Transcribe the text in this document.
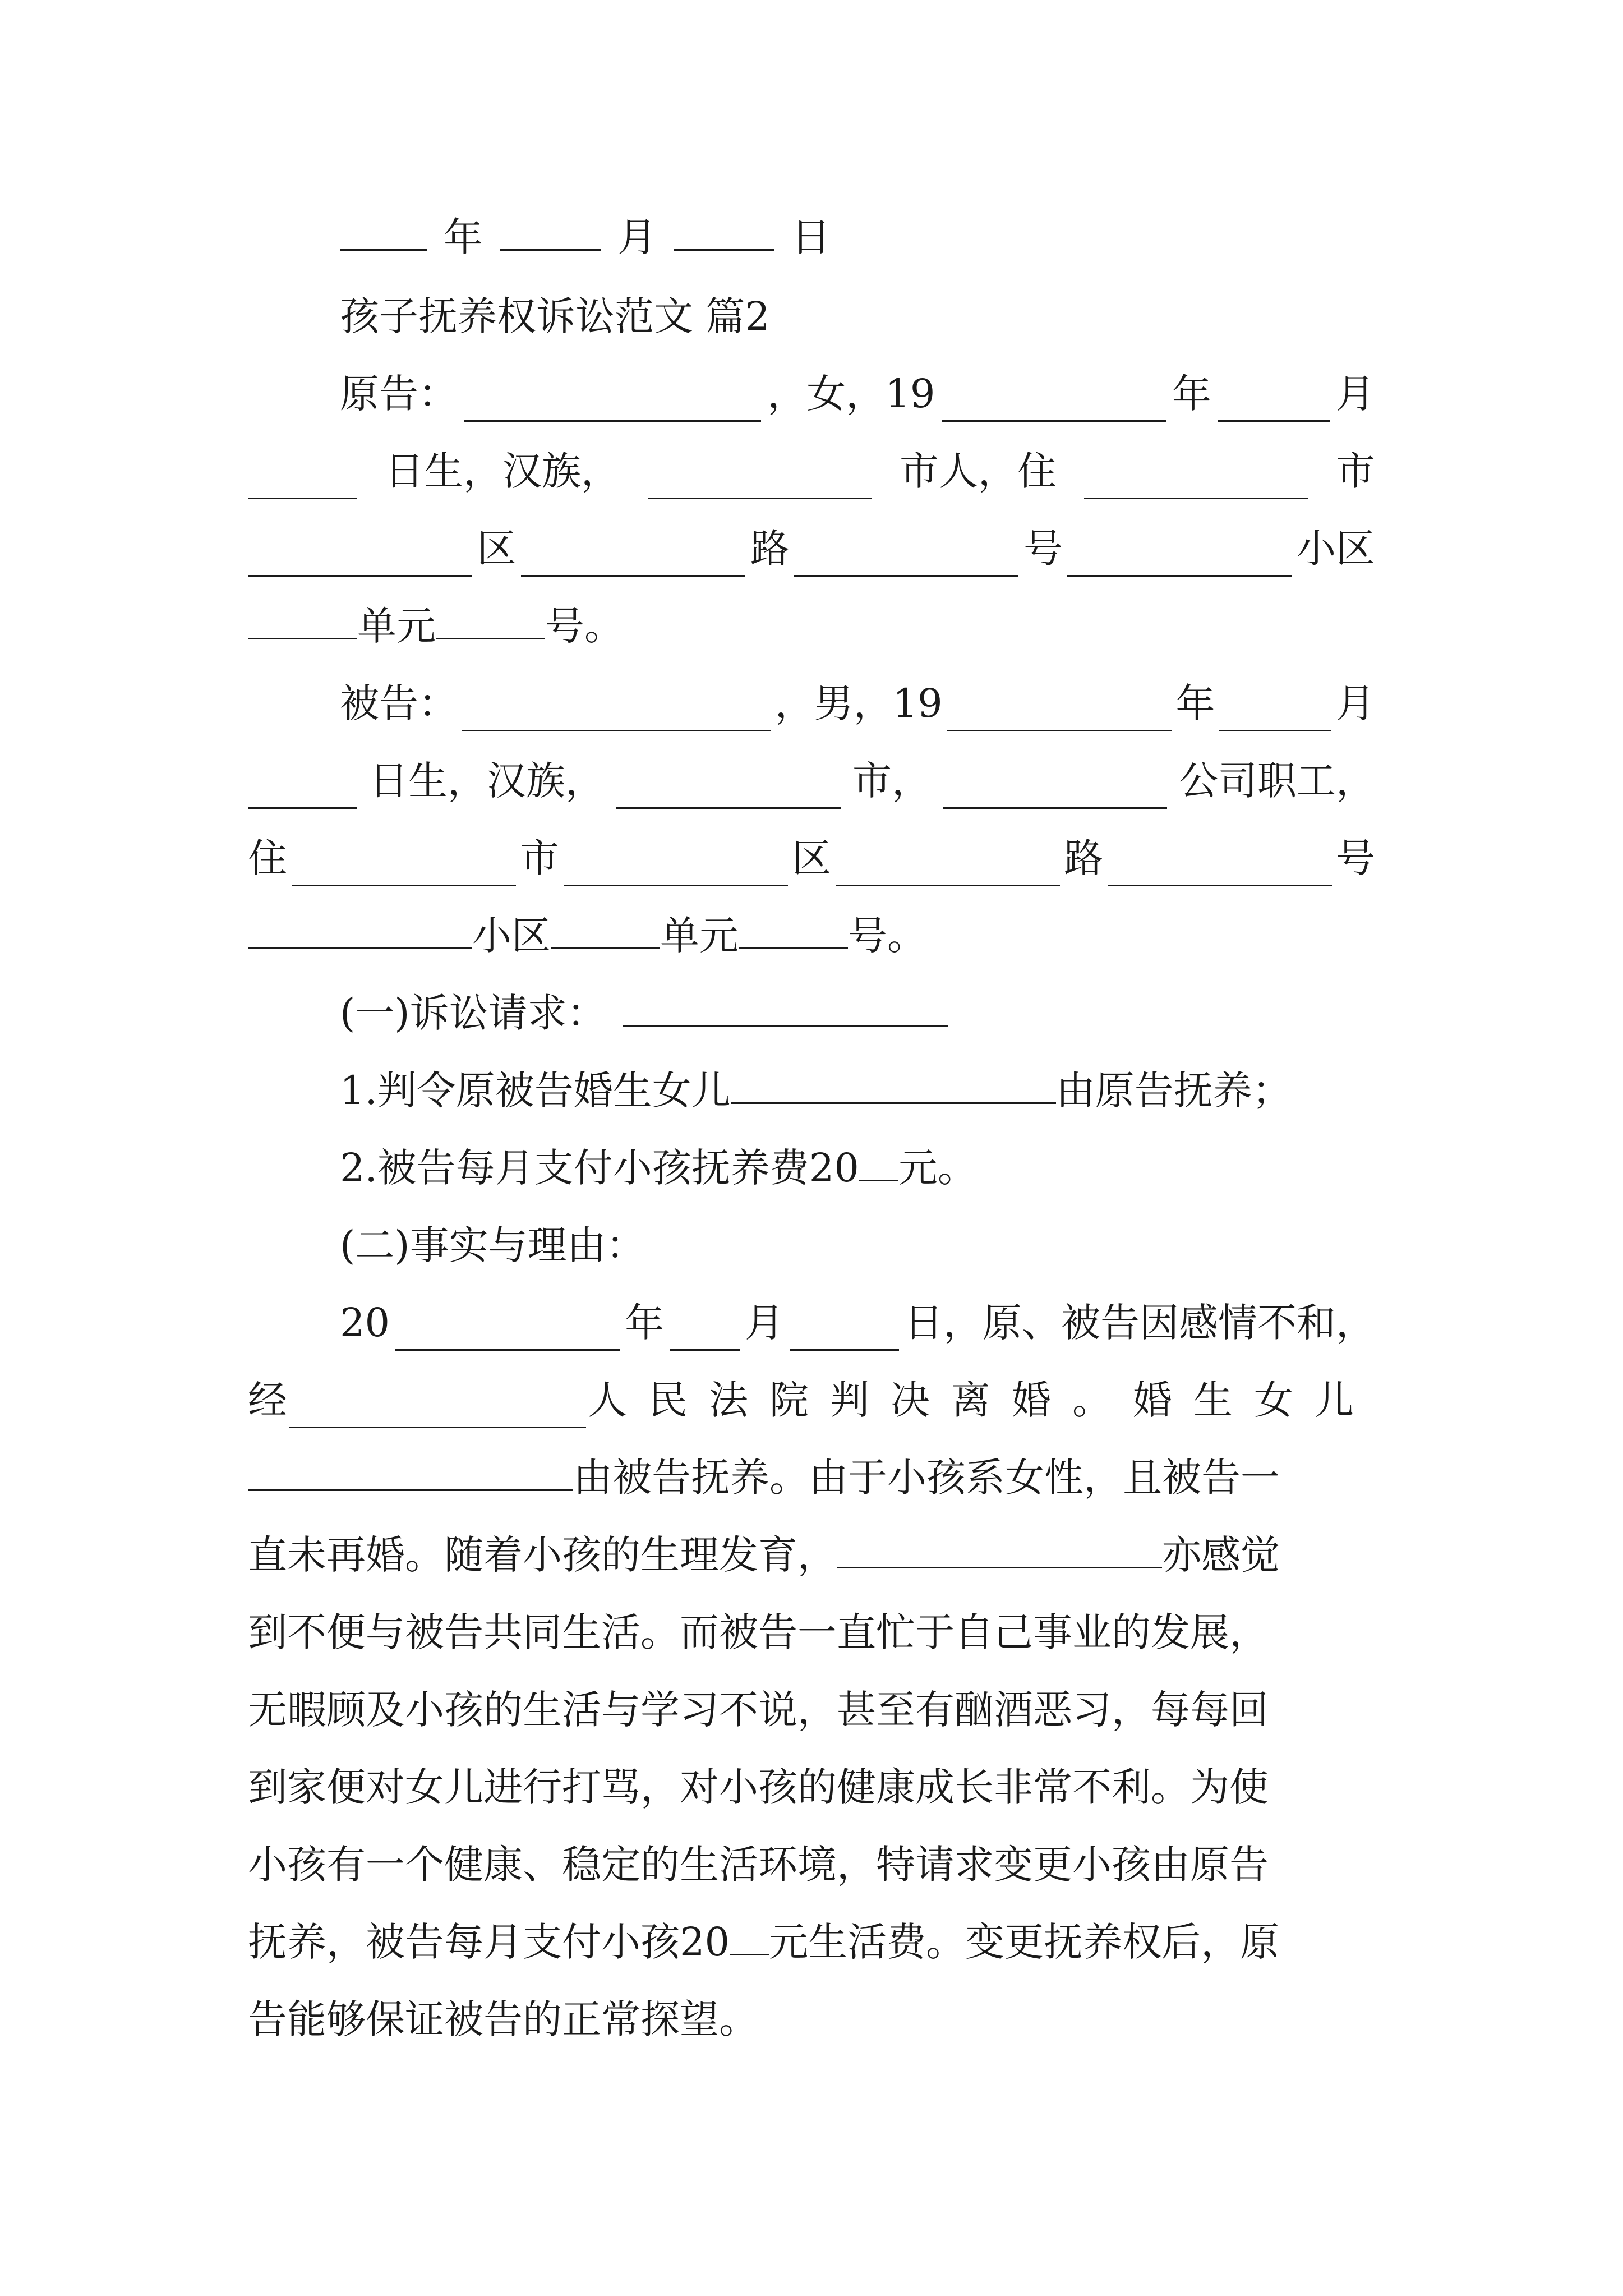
年	月	日
孩子抚养权诉讼范文 篇2
原告：	，女，19	年	月
日生，汉族，	市人，住	市
区	路	号	小区
单元	号。
被告：	，男，19	年	月
日生，汉族，	市，	公司职工，
住	市	区	路	号
小区	单元	号。
(一)诉讼请求：
1.判令原被告婚生女儿	由原告抚养；
2.被告每月支付小孩抚养费20 元。
(二)事实与理由：
20	年 月	日，原、被告因感情不和，
经	人民法院判决离婚。婚生女儿
由被告抚养。由于小孩系女性，且被告一
直未再婚。随着小孩的生理发育，	亦感觉
到不便与被告共同生活。而被告一直忙于自己事业的发展，
无暇顾及小孩的生活与学习不说，甚至有酗酒恶习，每每回
到家便对女儿进行打骂，对小孩的健康成长非常不利。为使
小孩有一个健康、稳定的生活环境，特请求变更小孩由原告
抚养，被告每月支付小孩20 元生活费。变更抚养权后，原
告能够保证被告的正常探望。
